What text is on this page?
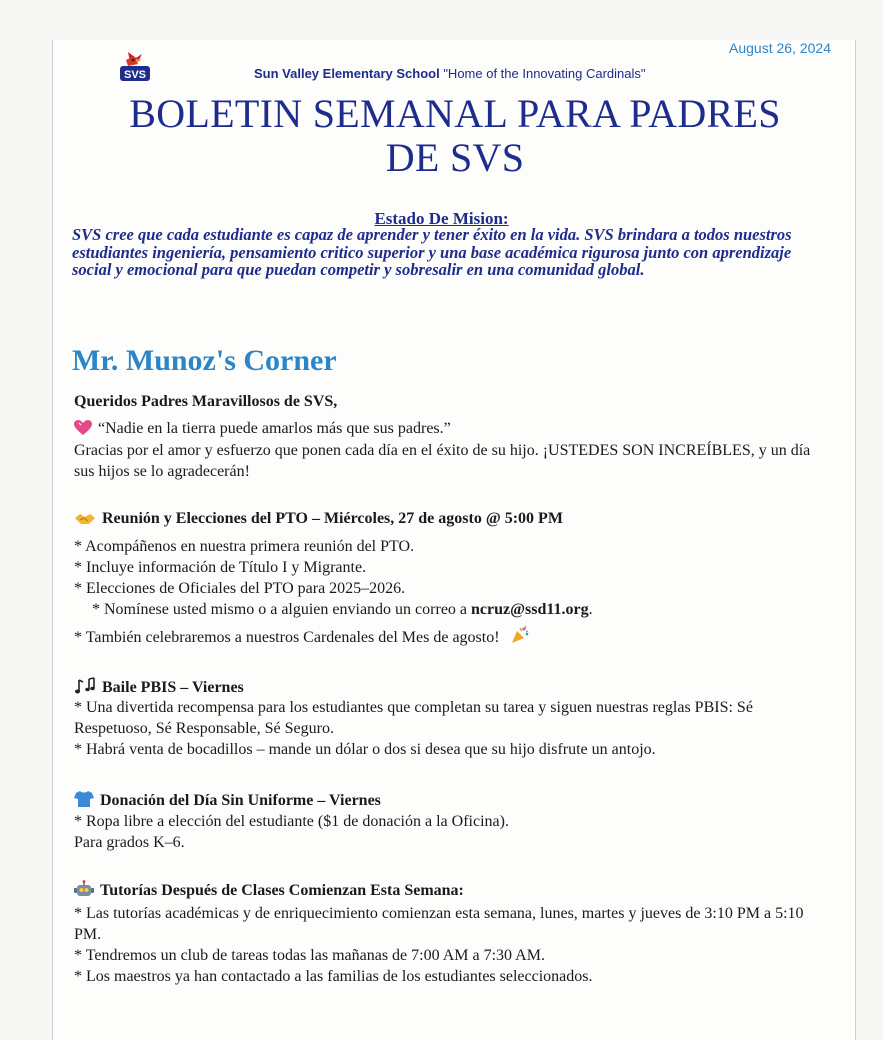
August 26, 2024
SVS	Sun Valley Elementary School "Home of the Innovating Cardinals"
BOLETIN SEMANAL PARA PADRES
DE SVS
Estado De Mision:
SVS cree que cada estudiante es capaz de aprender y tener éxito en la vida. SVS brindara a todos nuestros estudiantes ingeniería, pensamiento critico superior y una base académica rigurosa junto con aprendizaje social y emocional para que puedan competir y sobresalir en una comunidad global.
Mr. Munoz's Corner
Queridos Padres Maravillosos de SVS,
“Nadie en la tierra puede amarlos más que sus padres.”
Gracias por el amor y esfuerzo que ponen cada día en el éxito de su hijo. ¡USTEDES SON INCREÍBLES, y un día sus hijos se lo agradecerán!
Reunión y Elecciones del PTO – Miércoles, 27 de agosto @ 5:00 PM
* Acompáñenos en nuestra primera reunión del PTO.
* Incluye información de Título I y Migrante.
* Elecciones de Oficiales del PTO para 2025–2026.
* Nomínese usted mismo o a alguien enviando un correo a ncruz@ssd11.org.
* También celebraremos a nuestros Cardenales del Mes de agosto!
Baile PBIS – Viernes
* Una divertida recompensa para los estudiantes que completan su tarea y siguen nuestras reglas PBIS: Sé Respetuoso, Sé Responsable, Sé Seguro.
* Habrá venta de bocadillos – mande un dólar o dos si desea que su hijo disfrute un antojo.
Donación del Día Sin Uniforme – Viernes
* Ropa libre a elección del estudiante ($1 de donación a la Oficina).
Para grados K–6.
Tutorías Después de Clases Comienzan Esta Semana:
* Las tutorías académicas y de enriquecimiento comienzan esta semana, lunes, martes y jueves de 3:10 PM a 5:10 PM.
* Tendremos un club de tareas todas las mañanas de 7:00 AM a 7:30 AM.
* Los maestros ya han contactado a las familias de los estudiantes seleccionados.
